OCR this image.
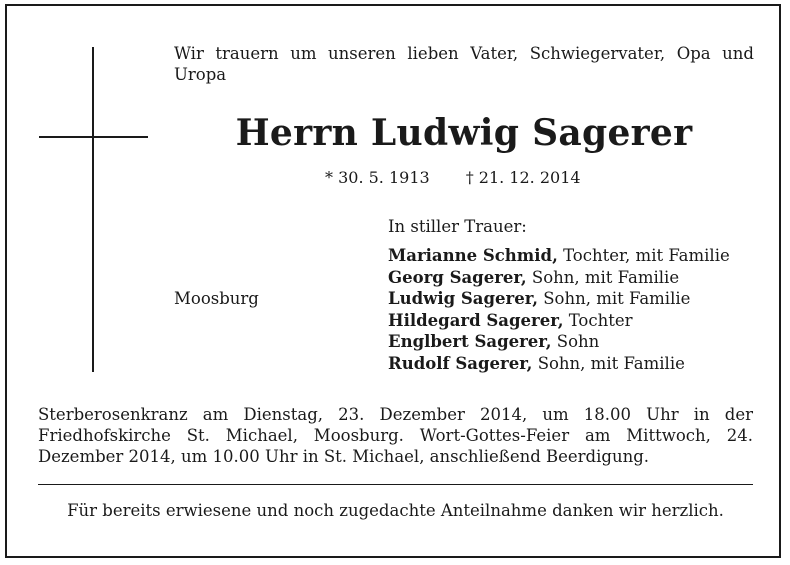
Wir trauern um unseren lieben Vater, Schwiegervater, Opa und Uropa
Herrn Ludwig Sagerer
* 30. 5. 1913 † 21. 12. 2014
In stiller Trauer:
Moosburg
Marianne Schmid, Tochter, mit Familie
Georg Sagerer, Sohn, mit Familie
Ludwig Sagerer, Sohn, mit Familie
Hildegard Sagerer, Tochter
Englbert Sagerer, Sohn
Rudolf Sagerer, Sohn, mit Familie
Sterberosenkranz am Dienstag, 23. Dezember 2014, um 18.00 Uhr in der Friedhofskirche St. Michael, Moosburg. Wort-Gottes-Feier am Mittwoch, 24. Dezember 2014, um 10.00 Uhr in St. Michael, anschließend Beerdigung.
Für bereits erwiesene und noch zugedachte Anteilnahme danken wir herzlich.
